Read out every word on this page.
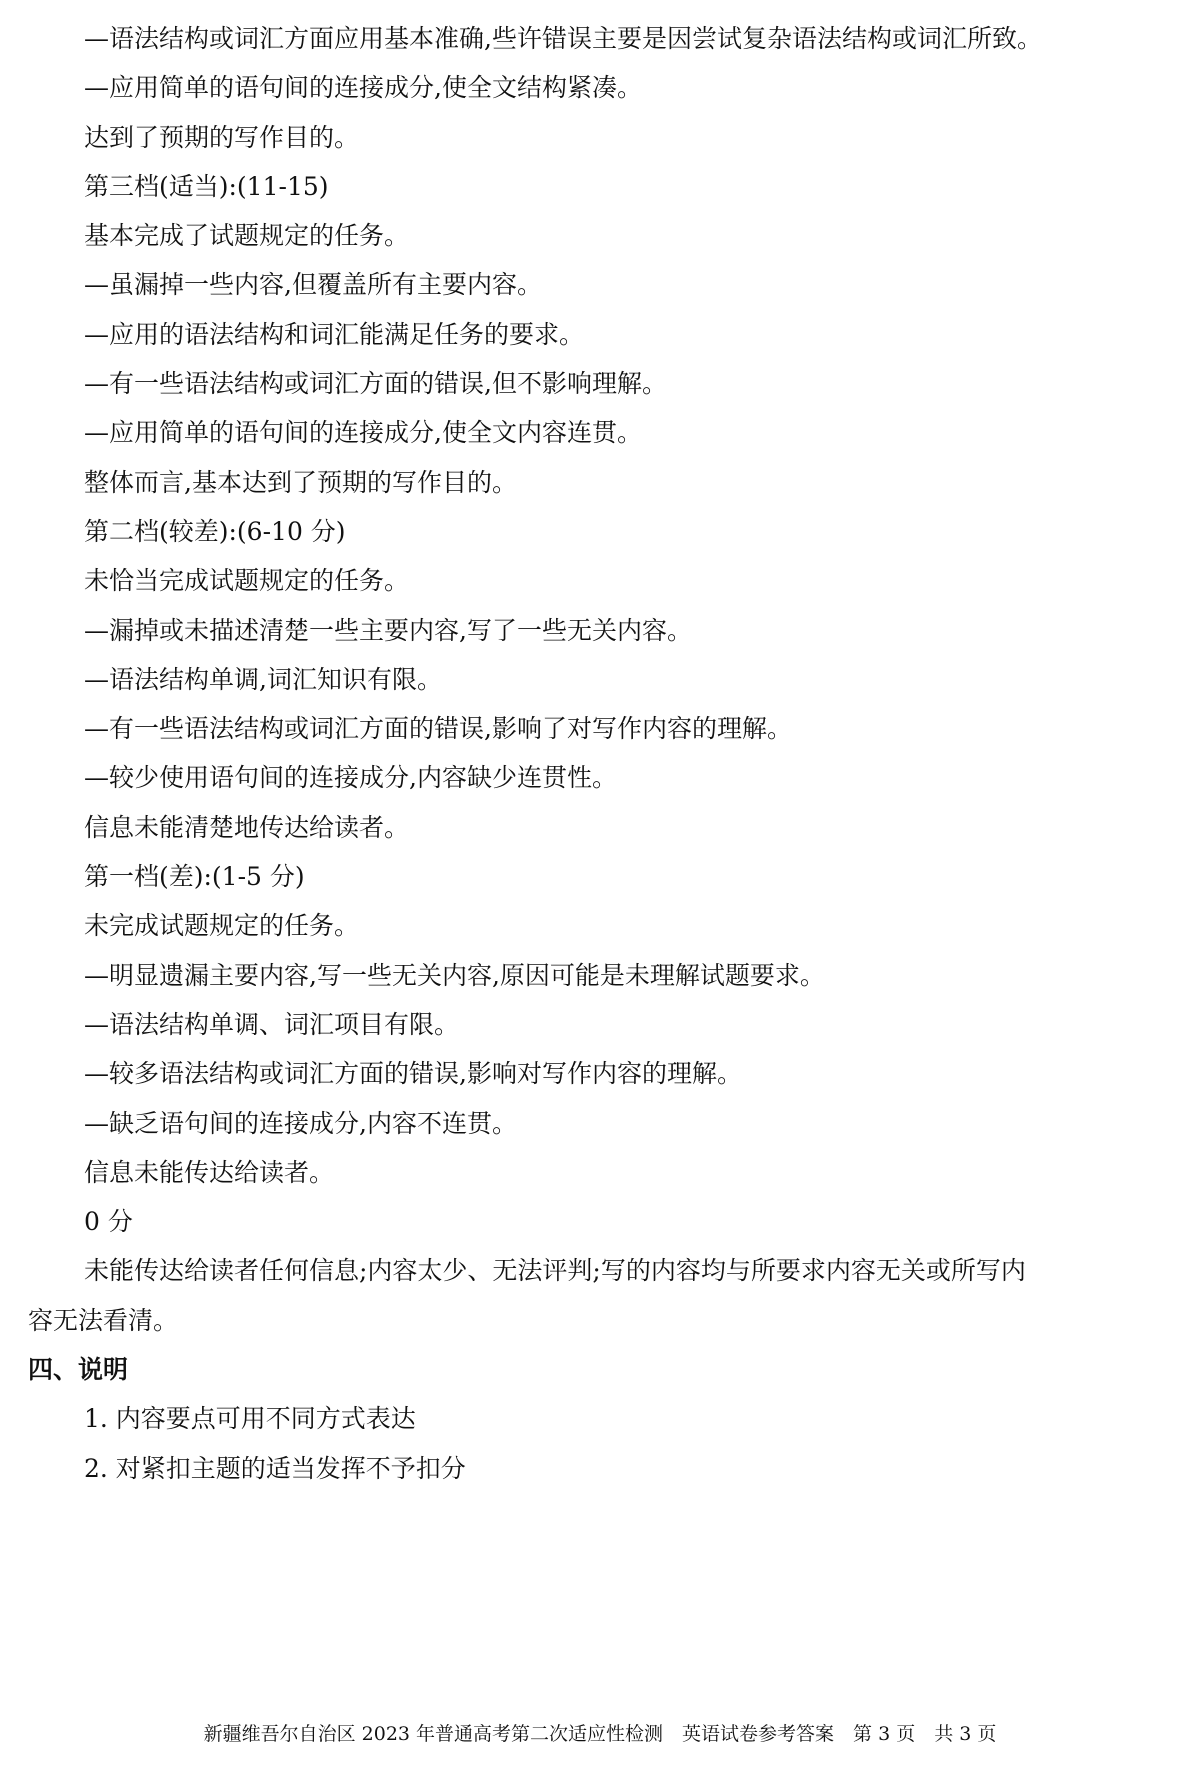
—语法结构或词汇方面应用基本准确,些许错误主要是因尝试复杂语法结构或词汇所致。
—应用简单的语句间的连接成分,使全文结构紧凑。
达到了预期的写作目的。
第三档(适当):(11-15)
基本完成了试题规定的任务。
—虽漏掉一些内容,但覆盖所有主要内容。
—应用的语法结构和词汇能满足任务的要求。
—有一些语法结构或词汇方面的错误,但不影响理解。
—应用简单的语句间的连接成分,使全文内容连贯。
整体而言,基本达到了预期的写作目的。
第二档(较差):(6-10 分)
未恰当完成试题规定的任务。
—漏掉或未描述清楚一些主要内容,写了一些无关内容。
—语法结构单调,词汇知识有限。
—有一些语法结构或词汇方面的错误,影响了对写作内容的理解。
—较少使用语句间的连接成分,内容缺少连贯性。
信息未能清楚地传达给读者。
第一档(差):(1-5 分)
未完成试题规定的任务。
—明显遗漏主要内容,写一些无关内容,原因可能是未理解试题要求。
—语法结构单调、词汇项目有限。
—较多语法结构或词汇方面的错误,影响对写作内容的理解。
—缺乏语句间的连接成分,内容不连贯。
信息未能传达给读者。
0 分
未能传达给读者任何信息;内容太少、无法评判;写的内容均与所要求内容无关或所写内
容无法看清。
四、说明
1. 内容要点可用不同方式表达
2. 对紧扣主题的适当发挥不予扣分
新疆维吾尔自治区 2023 年普通高考第二次适应性检测　英语试卷参考答案　第 3 页　共 3 页
